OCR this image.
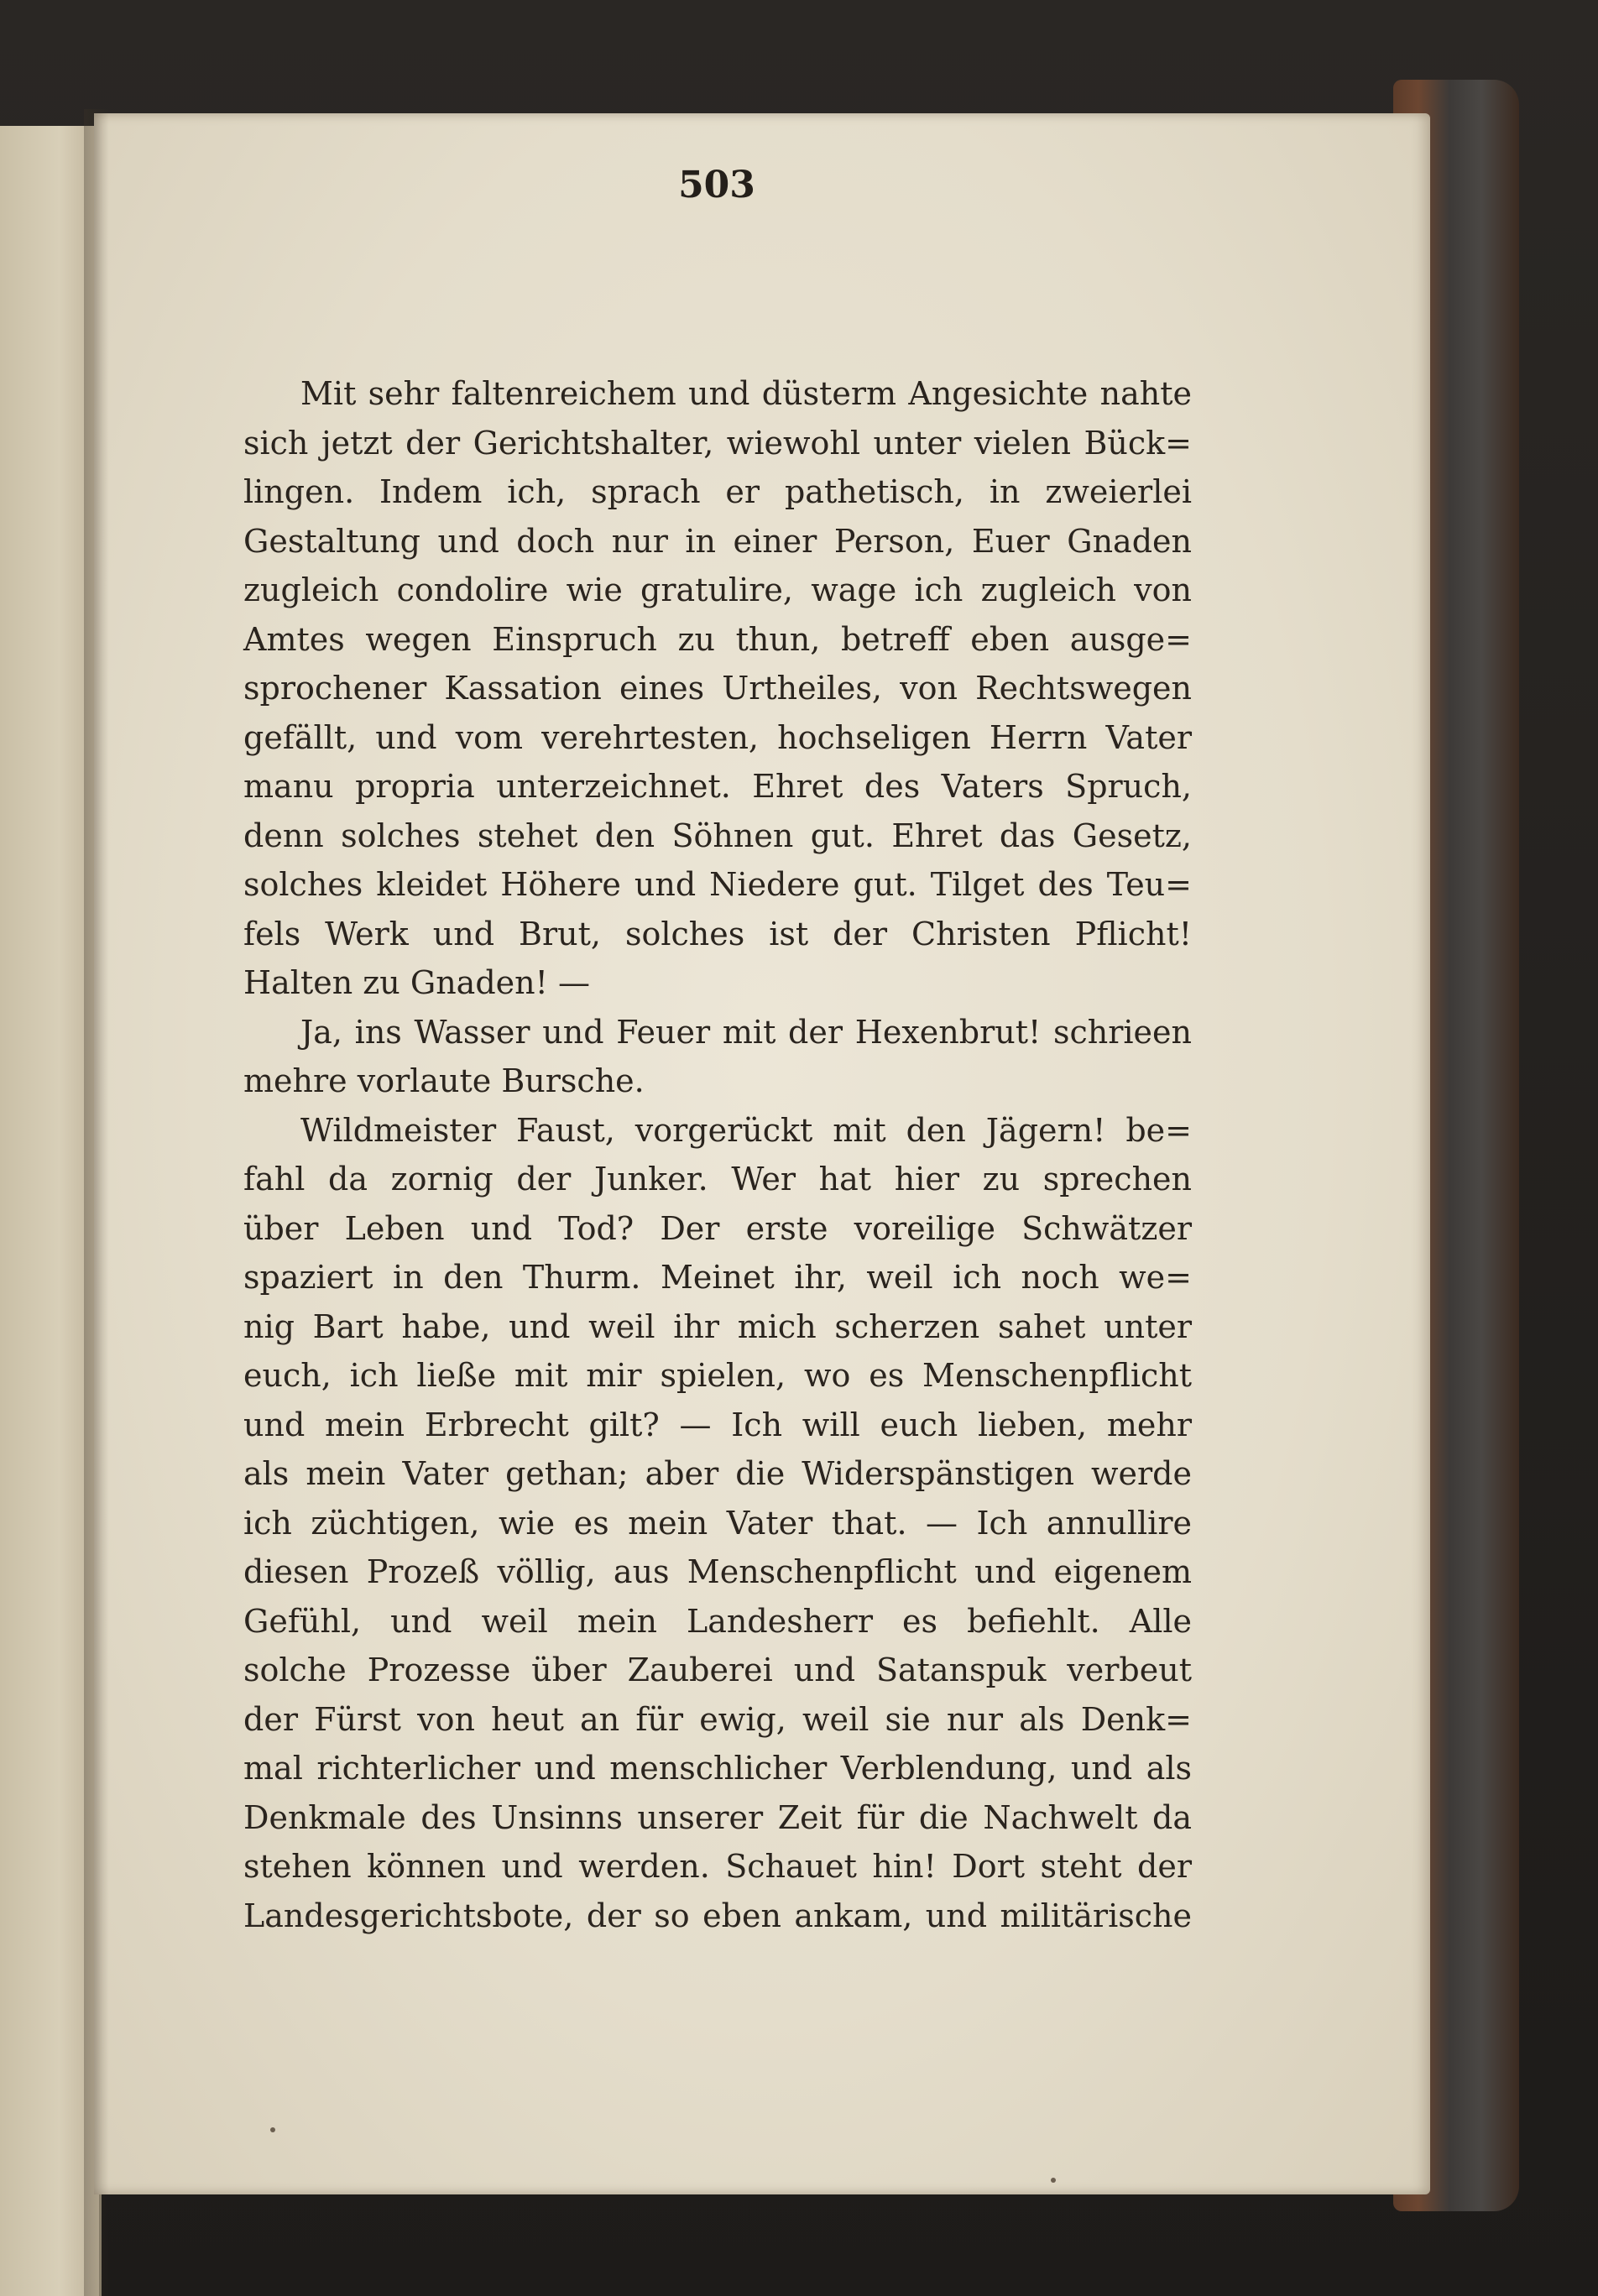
503
Mit sehr faltenreichem und düsterm Angesichte nahte
sich jetzt der Gerichtshalter, wiewohl unter vielen Bück=
lingen. Indem ich, sprach er pathetisch, in zweierlei
Gestaltung und doch nur in einer Person, Euer Gnaden
zugleich condolire wie gratulire, wage ich zugleich von
Amtes wegen Einspruch zu thun, betreff eben ausge=
sprochener Kassation eines Urtheiles, von Rechtswegen
gefällt, und vom verehrtesten, hochseligen Herrn Vater
manu propria unterzeichnet. Ehret des Vaters Spruch,
denn solches stehet den Söhnen gut. Ehret das Gesetz,
solches kleidet Höhere und Niedere gut. Tilget des Teu=
fels Werk und Brut, solches ist der Christen Pflicht!
Halten zu Gnaden! —
Ja, ins Wasser und Feuer mit der Hexenbrut! schrieen
mehre vorlaute Bursche.
Wildmeister Faust, vorgerückt mit den Jägern! be=
fahl da zornig der Junker. Wer hat hier zu sprechen
über Leben und Tod? Der erste voreilige Schwätzer
spaziert in den Thurm. Meinet ihr, weil ich noch we=
nig Bart habe, und weil ihr mich scherzen sahet unter
euch, ich ließe mit mir spielen, wo es Menschenpflicht
und mein Erbrecht gilt? — Ich will euch lieben, mehr
als mein Vater gethan; aber die Widerspänstigen werde
ich züchtigen, wie es mein Vater that. — Ich annullire
diesen Prozeß völlig, aus Menschenpflicht und eigenem
Gefühl, und weil mein Landesherr es befiehlt. Alle
solche Prozesse über Zauberei und Satanspuk verbeut
der Fürst von heut an für ewig, weil sie nur als Denk=
mal richterlicher und menschlicher Verblendung, und als
Denkmale des Unsinns unserer Zeit für die Nachwelt da
stehen können und werden. Schauet hin! Dort steht der
Landesgerichtsbote, der so eben ankam, und militärische
